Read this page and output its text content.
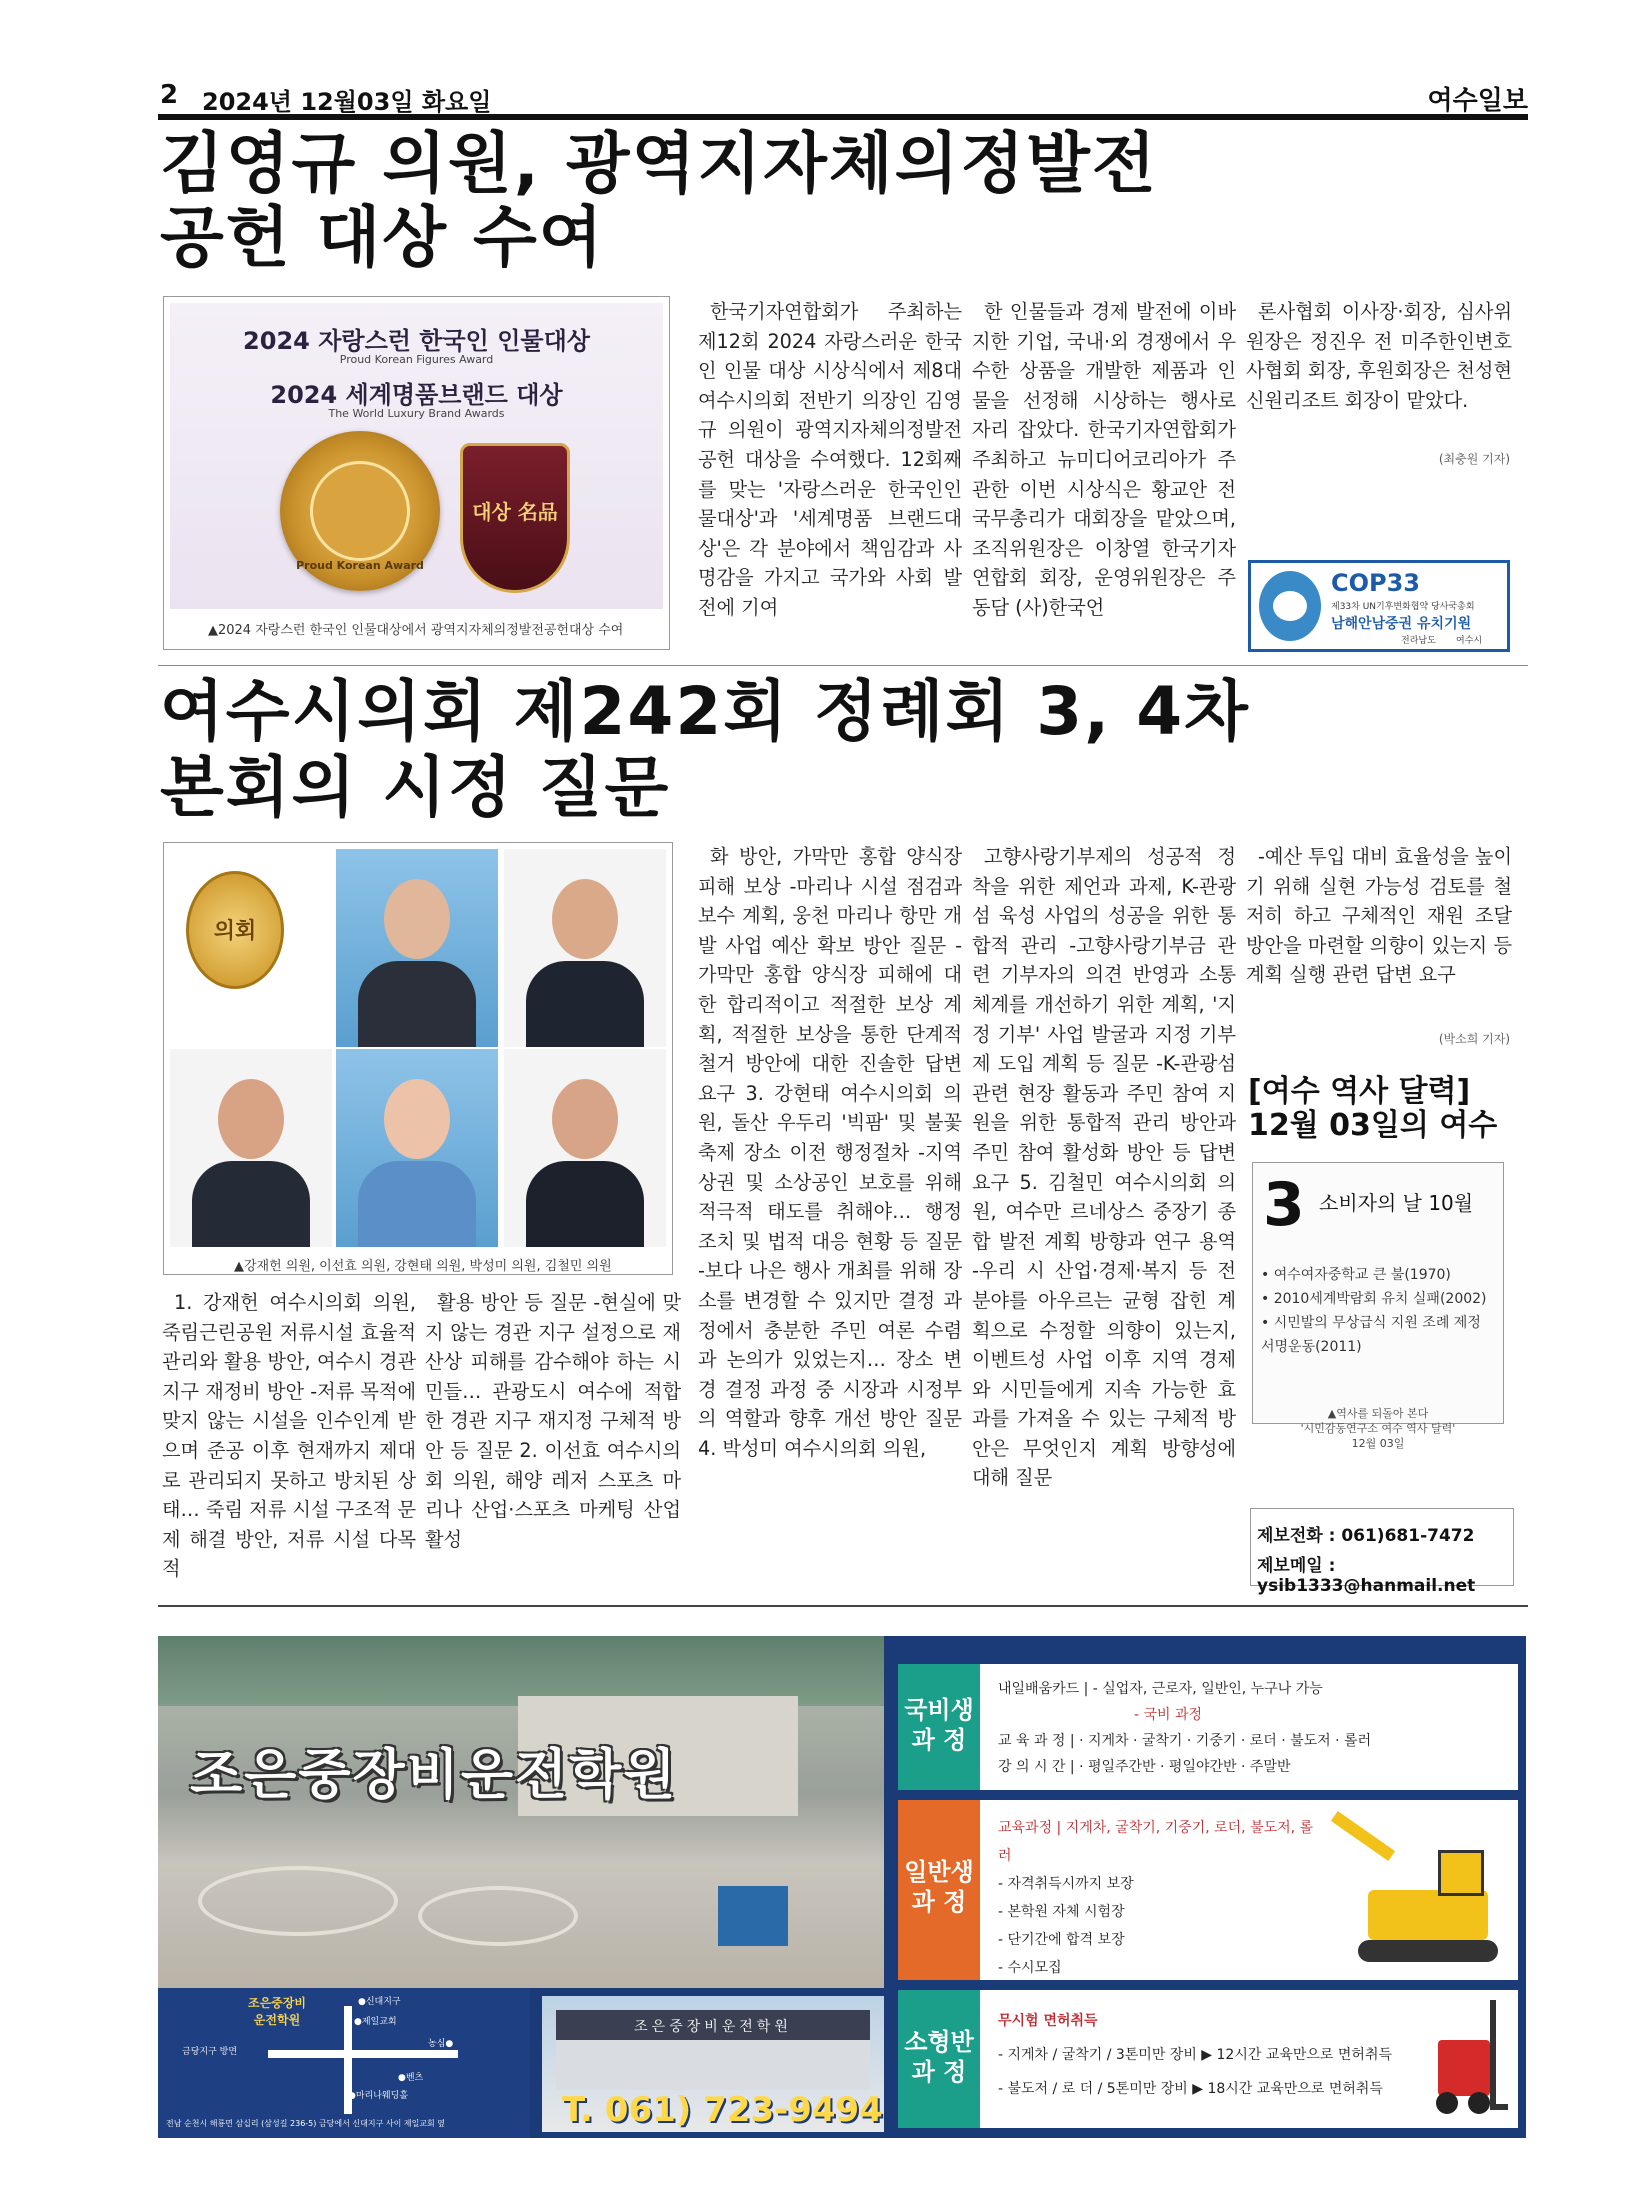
2 2024년 12월03일 화요일	여수일보
김영규 의원, 광역지자체의정발전
공헌 대상 수여
2024 자랑스런 한국인 인물대상
Proud Korean Figures Award
2024 세계명품브랜드 대상
The World Luxury Brand Awards
Proud Korean Award
대상 名品
▲2024 자랑스런 한국인 인물대상에서 광역지자체의정발전공헌대상 수여

한국기자연합회가 주최하는 제12회 2024 자랑스러운 한국인 인물 대상 시상식에서 제8대 여수시의회 전반기 의장인 김영규 의원이 광역지자체의정발전공헌 대상을 수여했다. 12회째를 맞는 '자랑스러운 한국인인물대상'과 '세계명품 브랜드대상'은 각 분야에서 책임감과 사명감을 가지고 국가와 사회 발전에 기여

한 인물들과 경제 발전에 이바지한 기업, 국내·외 경쟁에서 우수한 상품을 개발한 제품과 인물을 선정해 시상하는 행사로 자리 잡았다. 한국기자연합회가 주최하고 뉴미디어코리아가 주관한 이번 시상식은 황교안 전 국무총리가 대회장을 맡았으며, 조직위원장은 이창열 한국기자연합회 회장, 운영위원장은 주동담 (사)한국언

론사협회 이사장·회장, 심사위원장은 정진우 전 미주한인변호사협회 회장, 후원회장은 천성현 신원리조트 회장이 맡았다.

(최충원 기자)
COP33
제33차 UN기후변화협약 당사국총회
남해안남중권 유치기원
전라남도 여수시
여수시의회 제242회 정례회 3, 4차
본회의 시정 질문
의회
▲강재헌 의원, 이선효 의원, 강현태 의원, 박성미 의원, 김철민 의원

1. 강재헌 여수시의회 의원, 죽림근린공원 저류시설 효율적 관리와 활용 방안, 여수시 경관지구 재정비 방안 -저류 목적에 맞지 않는 시설을 인수인계 받으며 준공 이후 현재까지 제대로 관리되지 못하고 방치된 상태… 죽림 저류 시설 구조적 문제 해결 방안, 저류 시설 다목적

활용 방안 등 질문 -현실에 맞지 않는 경관 지구 설정으로 재산상 피해를 감수해야 하는 시민들… 관광도시 여수에 적합한 경관 지구 재지정 구체적 방안 등 질문 2. 이선효 여수시의회 의원, 해양 레저 스포츠 마리나 산업·스포츠 마케팅 산업 활성

화 방안, 가막만 홍합 양식장 피해 보상 -마리나 시설 점검과 보수 계획, 웅천 마리나 항만 개발 사업 예산 확보 방안 질문 -가막만 홍합 양식장 피해에 대한 합리적이고 적절한 보상 계획, 적절한 보상을 통한 단계적 철거 방안에 대한 진솔한 답변 요구 3. 강현태 여수시의회 의원, 돌산 우두리 '빅팜' 및 불꽃축제 장소 이전 행정절차 -지역 상권 및 소상공인 보호를 위해 적극적 태도를 취해야… 행정 조치 및 법적 대응 현황 등 질문 -보다 나은 행사 개최를 위해 장소를 변경할 수 있지만 결정 과정에서 충분한 주민 여론 수렴과 논의가 있었는지… 장소 변경 결정 과정 중 시장과 시정부의 역할과 향후 개선 방안 질문 4. 박성미 여수시의회 의원,

고향사랑기부제의 성공적 정착을 위한 제언과 과제, K-관광섬 육성 사업의 성공을 위한 통합적 관리 -고향사랑기부금 관련 기부자의 의견 반영과 소통 체계를 개선하기 위한 계획, '지정 기부' 사업 발굴과 지정 기부제 도입 계획 등 질문 -K-관광섬 관련 현장 활동과 주민 참여 지원을 위한 통합적 관리 방안과 주민 참여 활성화 방안 등 답변 요구 5. 김철민 여수시의회 의원, 여수만 르네상스 중장기 종합 발전 계획 방향과 연구 용역 -우리 시 산업·경제·복지 등 전 분야를 아우르는 균형 잡힌 계획으로 수정할 의향이 있는지, 이벤트성 사업 이후 지역 경제와 시민들에게 지속 가능한 효과를 가져올 수 있는 구체적 방안은 무엇인지 계획 방향성에 대해 질문

-예산 투입 대비 효율성을 높이기 위해 실현 가능성 검토를 철저히 하고 구체적인 재원 조달 방안을 마련할 의향이 있는지 등 계획 실행 관련 답변 요구

(박소희 기자)
[여수 역사 달력]
12월 03일의 여수
3 소비자의 날 10월
• 여수여자중학교 큰 불(1970)
• 2010세계박람회 유치 실패(2002)
• 시민발의 무상급식 지원 조례 제정 서명운동(2011)
▲역사를 되돌아 본다
'시민감동연구소 여수 역사 달력'
12월 03일
제보전화 : 061)681-7472
제보메일 : ysib1333@hanmail.net
조은중장비운전학원
조은중장비
운전학원
●신대지구
●제일교회
금당지구 방면
농심●
●벤츠
●마리나웨딩홀
전남 순천시 해룡면 삼십리 (삼성길 236-5) 금당에서 신대지구 사이 제일교회 옆
조은중장비운전학원
T. 061) 723-9494
국비생
과 정
내일배움카드 | - 실업자, 근로자, 일반인, 누구나 가능
- 국비 과정
교 육 과 정 | · 지게차 · 굴착기 · 기중기 · 로더 · 불도저 · 롤러
강 의 시 간 | · 평일주간반 · 평일야간반 · 주말반
일반생
과 정
교육과정 | 지게차, 굴착기, 기중기, 로더, 불도저, 롤러
- 자격취득시까지 보장
- 본학원 자체 시험장
- 단기간에 합격 보장
- 수시모집
소형반
과 정
무시험 면허취득
- 지게차 / 굴착기 / 3톤미만 장비 ▶ 12시간 교육만으로 면허취득
- 불도저 / 로 더 / 5톤미만 장비 ▶ 18시간 교육만으로 면허취득
